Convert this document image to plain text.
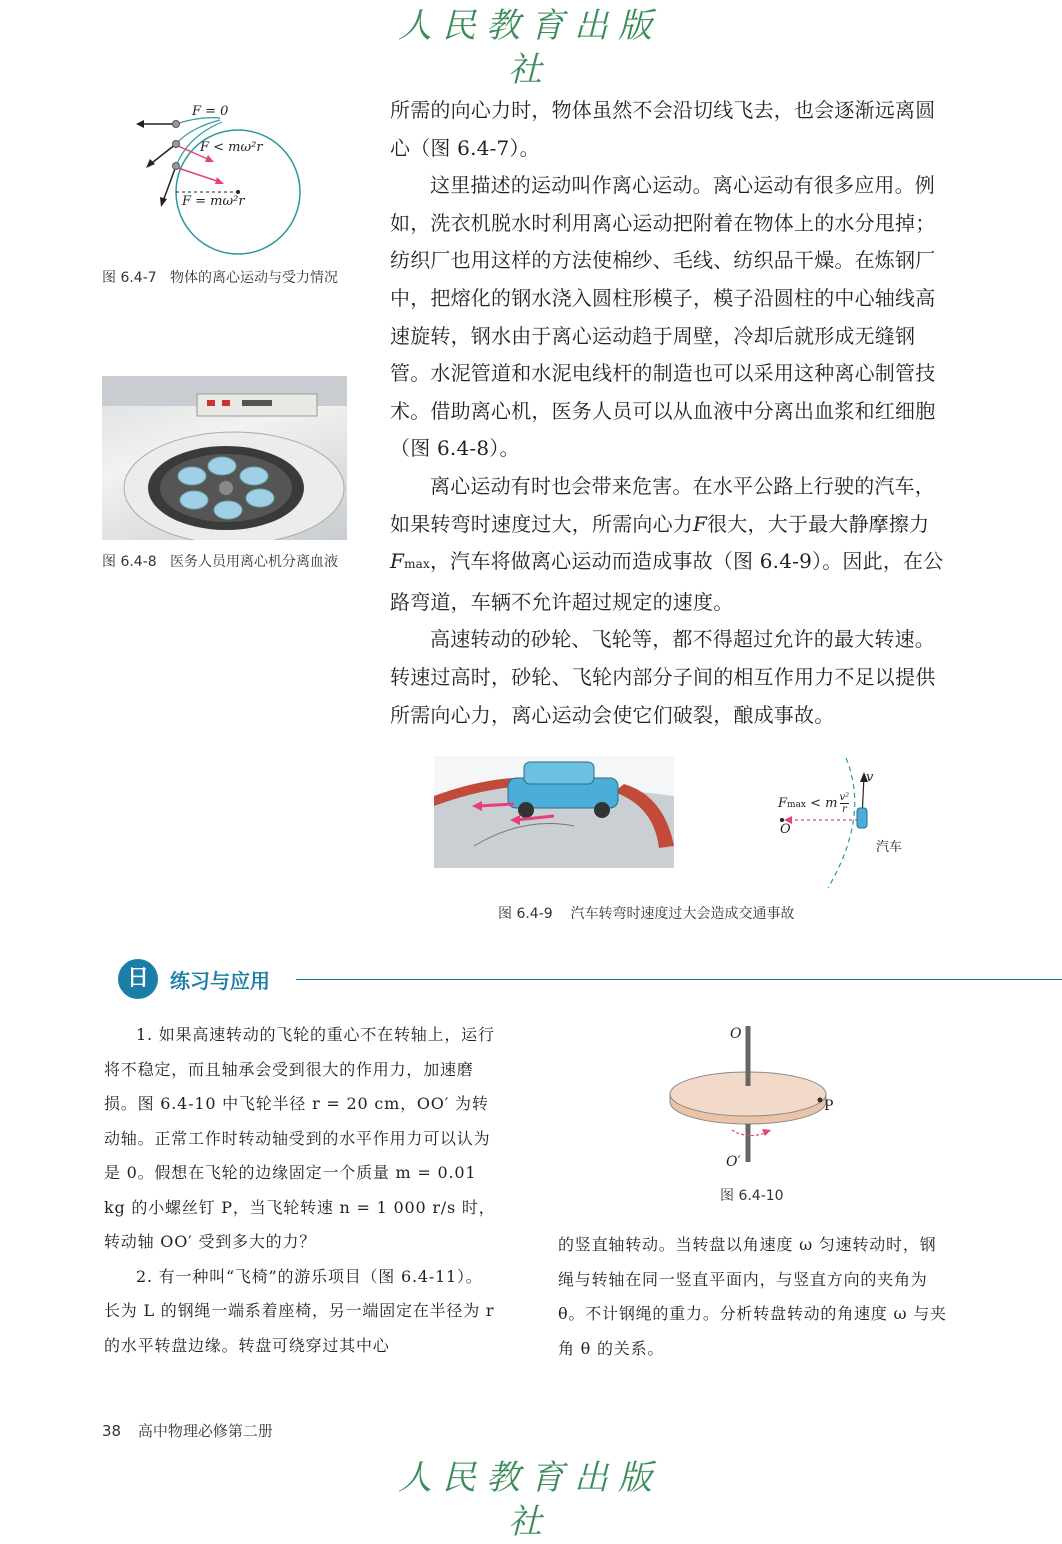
人民教育出版社
F = 0
F < mω²r
F = mω²r
图 6.4-7 物体的离心运动与受力情况
图 6.4-8 医务人员用离心机分离血液

所需的向心力时，物体虽然不会沿切线飞去，也会逐渐远离圆心（图 6.4-7）。

这里描述的运动叫作离心运动。离心运动有很多应用。例如，洗衣机脱水时利用离心运动把附着在物体上的水分甩掉；纺织厂也用这样的方法使棉纱、毛线、纺织品干燥。在炼钢厂中，把熔化的钢水浇入圆柱形模子，模子沿圆柱的中心轴线高速旋转，钢水由于离心运动趋于周壁，冷却后就形成无缝钢管。水泥管道和水泥电线杆的制造也可以采用这种离心制管技术。借助离心机，医务人员可以从血液中分离出血浆和红细胞（图 6.4-8）。

离心运动有时也会带来危害。在水平公路上行驶的汽车，如果转弯时速度过大，所需向心力F很大，大于最大静摩擦力Fmax，汽车将做离心运动而造成事故（图 6.4-9）。因此，在公路弯道，车辆不允许超过规定的速度。

高速转动的砂轮、飞轮等，都不得超过允许的最大转速。转速过高时，砂轮、飞轮内部分子间的相互作用力不足以提供所需向心力，离心运动会使它们破裂，酿成事故。

v
Fmax < m $\frac{\text{v²}}{r}$
O
汽车
图 6.4-9 汽车转弯时速度过大会造成交通事故
日	练习与应用

1. 如果高速转动的飞轮的重心不在转轴上，运行将不稳定，而且轴承会受到很大的作用力，加速磨损。图 6.4-10 中飞轮半径 r = 20 cm，OO′ 为转动轴。正常工作时转动轴受到的水平作用力可以认为是 0。假想在飞轮的边缘固定一个质量 m = 0.01 kg 的小螺丝钉 P，当飞轮转速 n = 1 000 r/s 时，转动轴 OO′ 受到多大的力？

2. 有一种叫“飞椅”的游乐项目（图 6.4-11）。长为 L 的钢绳一端系着座椅，另一端固定在半径为 r 的水平转盘边缘。转盘可绕穿过其中心

O
O′
P
图 6.4-10

的竖直轴转动。当转盘以角速度 ω 匀速转动时，钢绳与转轴在同一竖直平面内，与竖直方向的夹角为 θ。不计钢绳的重力。分析转盘转动的角速度 ω 与夹角 θ 的关系。

38 高中物理必修第二册
人民教育出版社
